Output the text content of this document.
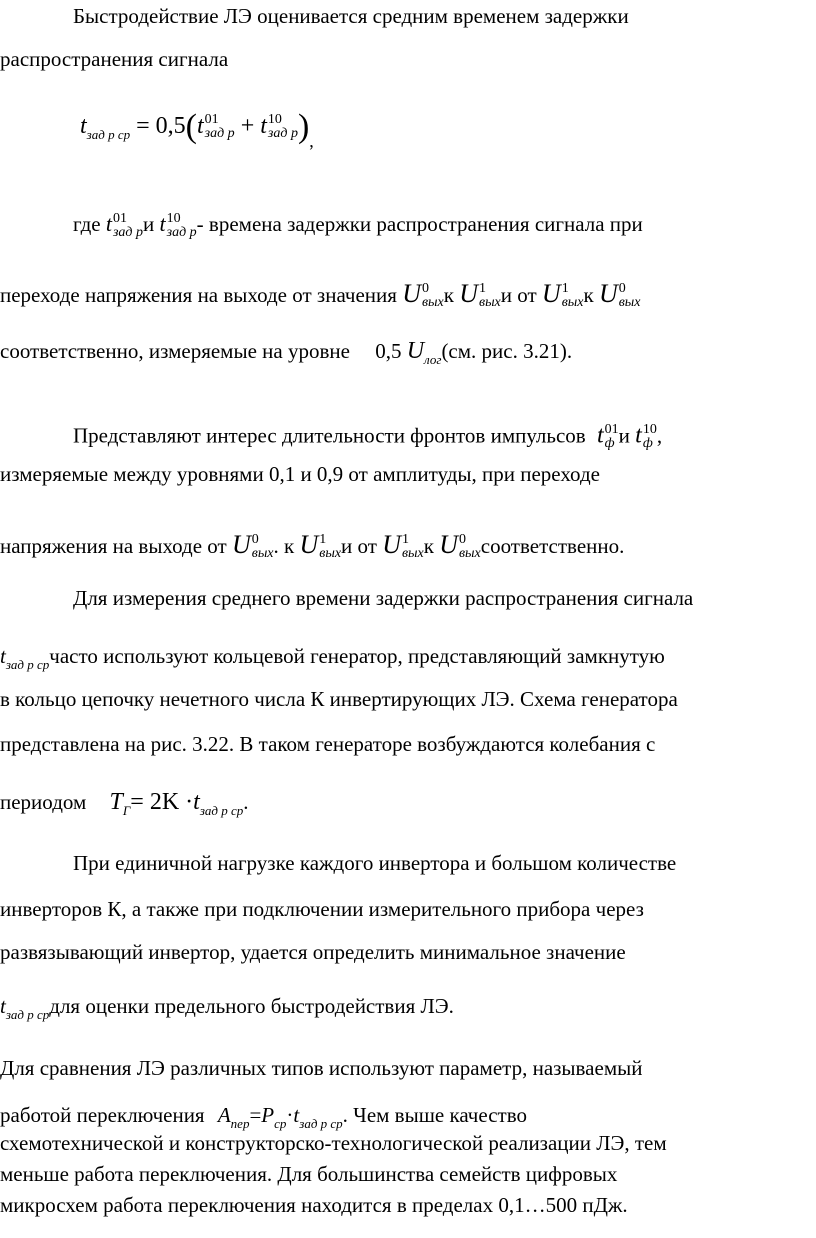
Быстродействие ЛЭ оценивается средним временем задержки
распространения сигнала
$t_{зад р ср} = 0,5(t$ 01
зад р + t 10
зад р )$_,$
где t 01
зад р и t 10
зад р - времена задержки распространения сигнала при
переходе напряжения на выходе от значения U 0
вых к U 1
вых и от U 1
вых к U 0
вых
соответственно, измеряемые на уровне 0,5 $U_{лог}(см$. рис. 3.21).
Представляют интерес длительности фронтов импульсов t 01
ф и t 10
ф ,
измеряемые между уровнями 0,1 и 0,9 от амплитуды, при переходе
напряжения на выходе от U 0
вых . к U 1
вых и от U 1
вых к U 0
вых соответственно.
Для измерения среднего времени задержки распространения сигнала
$t_{зад р ср}часто$ используют кольцевой генератор, представляющий замкнутую
в кольцо цепочку нечетного числа К инвертирующих ЛЭ. Схема генератора
представлена на рис. 3.22. В таком генераторе возбуждаются колебания с
периодом $T_Г= 2K \cdot t_{зад р ср}$.
При единичной нагрузке каждого инвертора и большом количестве
инверторов К, а также при подключении измерительного прибора через
развязывающий инвертор, удается определить минимальное значение
$t_{зад р ср}для$ оценки предельного быстродействия ЛЭ.
Для сравнения ЛЭ различных типов используют параметр, называемый
работой переключения $A_{пер}=P_{ср}\cdot t_{зад р ср}$. Чем выше качество
схемотехнической и конструкторско-технологической реализации ЛЭ, тем
меньше работа переключения. Для большинства семейств цифровых
микросхем работа переключения находится в пределах 0,1…500 пДж.
